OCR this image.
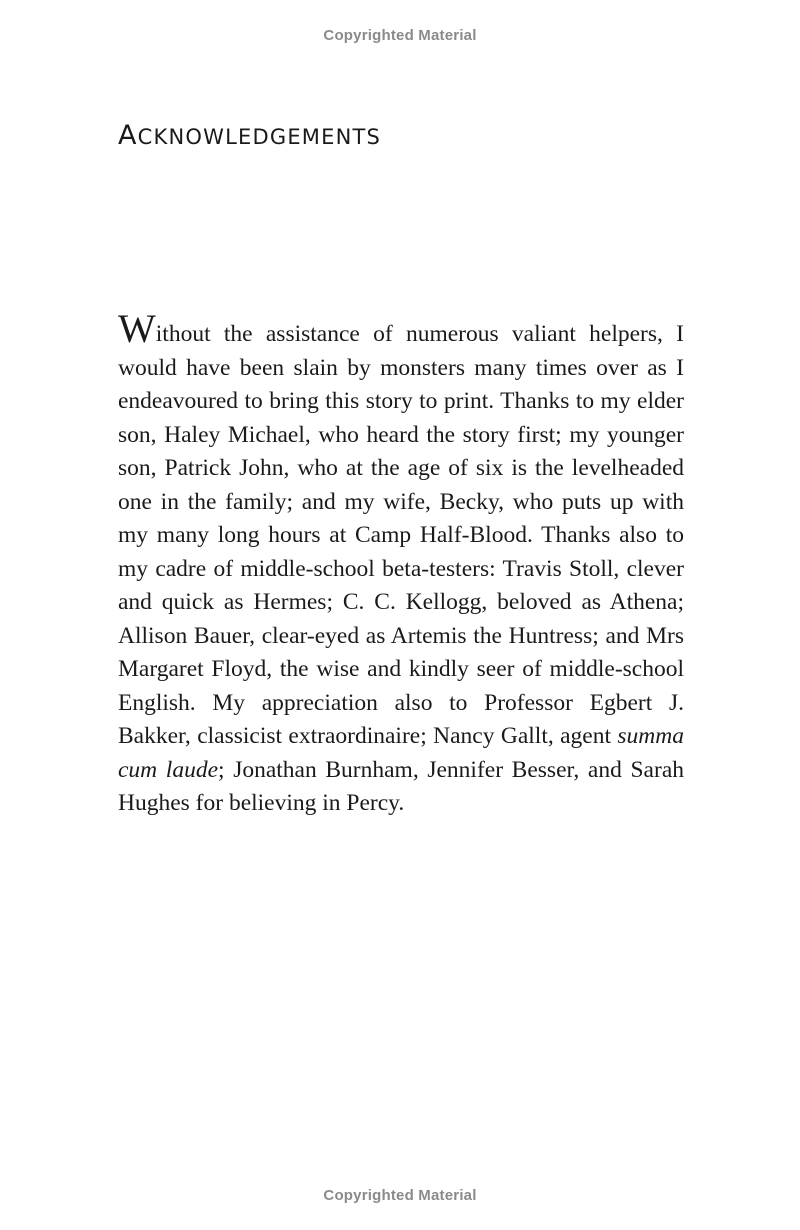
Copyrighted Material
ACKNOWLEDGEMENTS

Without the assistance of numerous valiant helpers, I would have been slain by monsters many times over as I endeavoured to bring this story to print. Thanks to my elder son, Haley Michael, who heard the story first; my younger son, Patrick John, who at the age of six is the levelheaded one in the family; and my wife, Becky, who puts up with my many long hours at Camp Half-Blood. Thanks also to my cadre of middle-school beta-testers: Travis Stoll, clever and quick as Hermes; C. C. Kellogg, beloved as Athena; Allison Bauer, clear-eyed as Artemis the Huntress; and Mrs Margaret Floyd, the wise and kindly seer of middle-school English. My appreciation also to Professor Egbert J. Bakker, classicist extraordinaire; Nancy Gallt, agent summa cum laude; Jonathan Burnham, Jennifer Besser, and Sarah Hughes for believing in Percy.

Copyrighted Material
